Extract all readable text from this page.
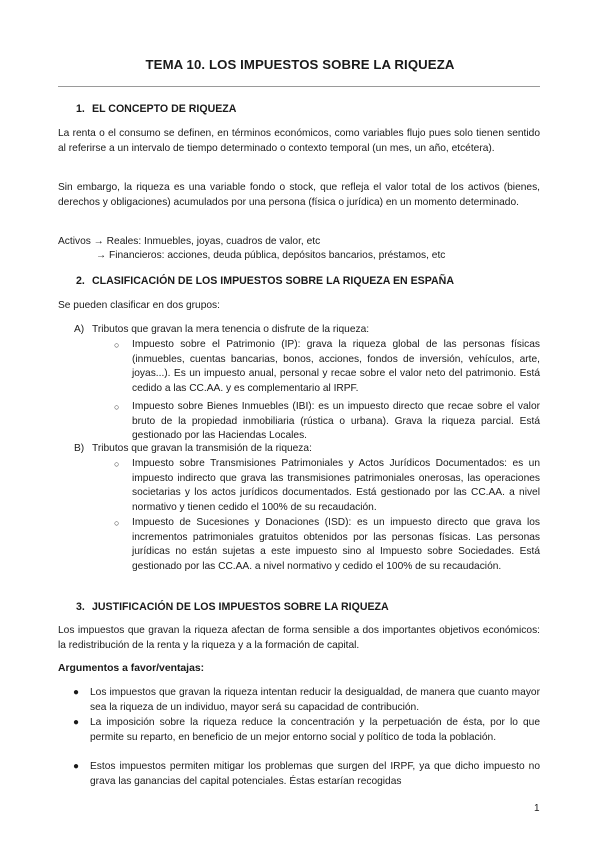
TEMA 10. LOS IMPUESTOS SOBRE LA RIQUEZA
1. EL CONCEPTO DE RIQUEZA

La renta o el consumo se definen, en términos económicos, como variables flujo pues solo tienen sentido al referirse a un intervalo de tiempo determinado o contexto temporal (un mes, un año, etcétera).

Sin embargo, la riqueza es una variable fondo o stock, que refleja el valor total de los activos (bienes, derechos y obligaciones) acumulados por una persona (física o jurídica) en un momento determinado.

Activos → Reales: Inmuebles, joyas, cuadros de valor, etc
→ Financieros: acciones, deuda pública, depósitos bancarios, préstamos, etc
2. CLASIFICACIÓN DE LOS IMPUESTOS SOBRE LA RIQUEZA EN ESPAÑA
Se pueden clasificar en dos grupos:
A) Tributos que gravan la mera tenencia o disfrute de la riqueza:
○ Impuesto sobre el Patrimonio (IP): grava la riqueza global de las personas físicas (inmuebles, cuentas bancarias, bonos, acciones, fondos de inversión, vehículos, arte, joyas...). Es un impuesto anual, personal y recae sobre el valor neto del patrimonio. Está cedido a las CC.AA. y es complementario al IRPF.

○ Impuesto sobre Bienes Inmuebles (IBI): es un impuesto directo que recae sobre el valor bruto de la propiedad inmobiliaria (rústica o urbana). Grava la riqueza parcial. Está gestionado por las Haciendas Locales.

B) Tributos que gravan la transmisión de la riqueza:
○ Impuesto sobre Transmisiones Patrimoniales y Actos Jurídicos Documentados: es un impuesto indirecto que grava las transmisiones patrimoniales onerosas, las operaciones societarias y los actos jurídicos documentados. Está gestionado por las CC.AA. a nivel normativo y tienen cedido el 100% de su recaudación.

○ Impuesto de Sucesiones y Donaciones (ISD): es un impuesto directo que grava los incrementos patrimoniales gratuitos obtenidos por las personas físicas. Las personas jurídicas no están sujetas a este impuesto sino al Impuesto sobre Sociedades. Está gestionado por las CC.AA. a nivel normativo y cedido el 100% de su recaudación.

3. JUSTIFICACIÓN DE LOS IMPUESTOS SOBRE LA RIQUEZA

Los impuestos que gravan la riqueza afectan de forma sensible a dos importantes objetivos económicos: la redistribución de la renta y la riqueza y a la formación de capital.

Argumentos a favor/ventajas:
● Los impuestos que gravan la riqueza intentan reducir la desigualdad, de manera que cuanto mayor sea la riqueza de un individuo, mayor será su capacidad de contribución.

● La imposición sobre la riqueza reduce la concentración y la perpetuación de ésta, por lo que permite su reparto, en beneficio de un mejor entorno social y político de toda la población.

● Estos impuestos permiten mitigar los problemas que surgen del IRPF, ya que dicho impuesto no grava las ganancias del capital potenciales. Éstas estarían recogidas

1
